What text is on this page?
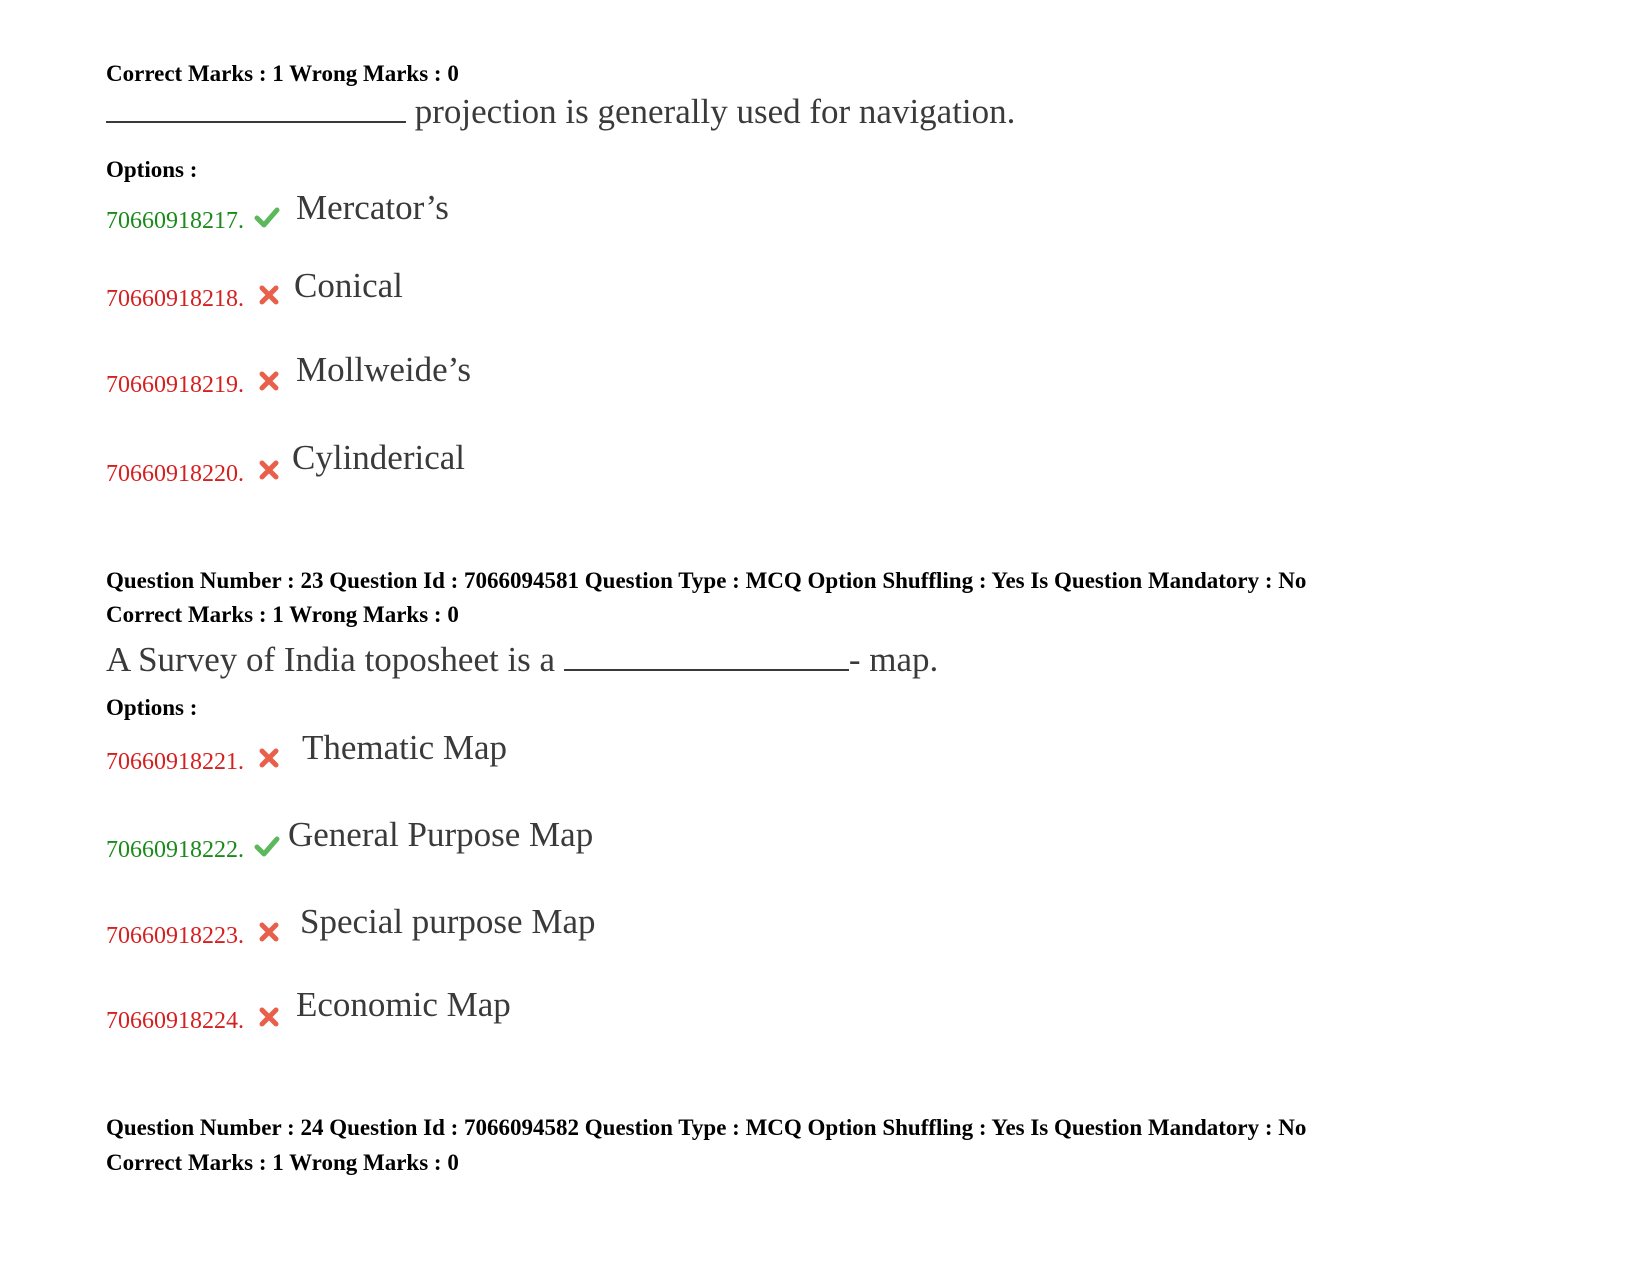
Correct Marks : 1 Wrong Marks : 0
projection is generally used for navigation.
Options :
70660918217. Mercator’s
70660918218. Conical
70660918219. Mollweide’s
70660918220. Cylinderical
Question Number : 23 Question Id : 7066094581 Question Type : MCQ Option Shuffling : Yes Is Question Mandatory : No
Correct Marks : 1 Wrong Marks : 0
A Survey of India toposheet is a	- map.
Options :
70660918221. Thematic Map
70660918222. General Purpose Map
70660918223. Special purpose Map
70660918224. Economic Map
Question Number : 24 Question Id : 7066094582 Question Type : MCQ Option Shuffling : Yes Is Question Mandatory : No
Correct Marks : 1 Wrong Marks : 0
